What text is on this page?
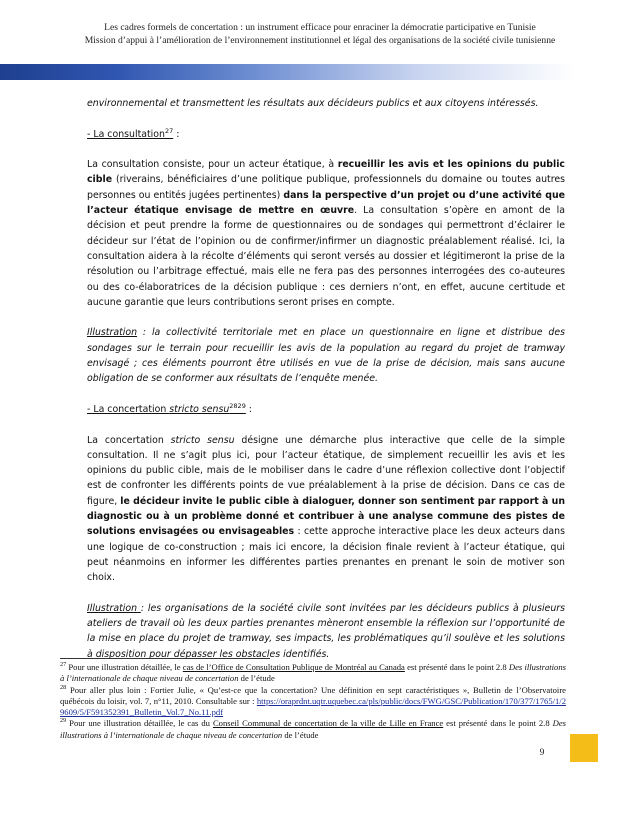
Les cadres formels de concertation : un instrument efficace pour enraciner la démocratie participative en Tunisie
Mission d’appui à l’amélioration de l’environnement institutionnel et légal des organisations de la société civile tunisienne

environnemental et transmettent les résultats aux décideurs publics et aux citoyens intéressés.

- La consultation$^{27}$ :

La consultation consiste, pour un acteur étatique, à recueillir les avis et les opinions du public cible (riverains, bénéficiaires d’une politique publique, professionnels du domaine ou toutes autres personnes ou entités jugées pertinentes) dans la perspective d’un projet ou d’une activité que l’acteur étatique envisage de mettre en œuvre. La consultation s’opère en amont de la décision et peut prendre la forme de questionnaires ou de sondages qui permettront d’éclairer le décideur sur l’état de l’opinion ou de confirmer/infirmer un diagnostic préalablement réalisé. Ici, la consultation aidera à la récolte d’éléments qui seront versés au dossier et légitimeront la prise de la résolution ou l’arbitrage effectué, mais elle ne fera pas des personnes interrogées des co-auteures ou des co-élaboratrices de la décision publique : ces derniers n’ont, en effet, aucune certitude et aucune garantie que leurs contributions seront prises en compte.

Illustration : la collectivité territoriale met en place un questionnaire en ligne et distribue des sondages sur le terrain pour recueillir les avis de la population au regard du projet de tramway envisagé ; ces éléments pourront être utilisés en vue de la prise de décision, mais sans aucune obligation de se conformer aux résultats de l’enquête menée.

- La concertation stricto sensu$^{2829}$ :

La concertation stricto sensu désigne une démarche plus interactive que celle de la simple consultation. Il ne s’agit plus ici, pour l’acteur étatique, de simplement recueillir les avis et les opinions du public cible, mais de le mobiliser dans le cadre d’une réflexion collective dont l’objectif est de confronter les différents points de vue préalablement à la prise de décision. Dans ce cas de figure, le décideur invite le public cible à dialoguer, donner son sentiment par rapport à un diagnostic ou à un problème donné et contribuer à une analyse commune des pistes de solutions envisagées ou envisageables : cette approche interactive place les deux acteurs dans une logique de co-construction ; mais ici encore, la décision finale revient à l’acteur étatique, qui peut néanmoins en informer les différentes parties prenantes en prenant le soin de motiver son choix.

Illustration : les organisations de la société civile sont invitées par les décideurs publics à plusieurs ateliers de travail où les deux parties prenantes mèneront ensemble la réflexion sur l’opportunité de la mise en place du projet de tramway, ses impacts, les problématiques qu’il soulève et les solutions à disposition pour dépasser les obstacles identifiés.

$^{27}$ Pour une illustration détaillée, le cas de l’Office de Consultation Publique de Montréal au Canada est présenté dans le point 2.8 Des illustrations à l’internationale de chaque niveau de concertation de l’étude

$^{28}$ Pour aller plus loin : Fortier Julie, « Qu’est-ce que la concertation? Une définition en sept caractéristiques », Bulletin de l’Observatoire québécois du loisir, vol. 7, n°11, 2010. Consultable sur : https://oraprdnt.uqtr.uquebec.ca/pls/public/docs/FWG/GSC/Publication/170/377/1765/1/29609/5/F591352391_Bulletin_Vol.7_No.11.pdf

$^{29}$ Pour une illustration détaillée, le cas du Conseil Communal de concertation de la ville de Lille en France est présenté dans le point 2.8 Des illustrations à l’internationale de chaque niveau de concertation de l’étude

9
